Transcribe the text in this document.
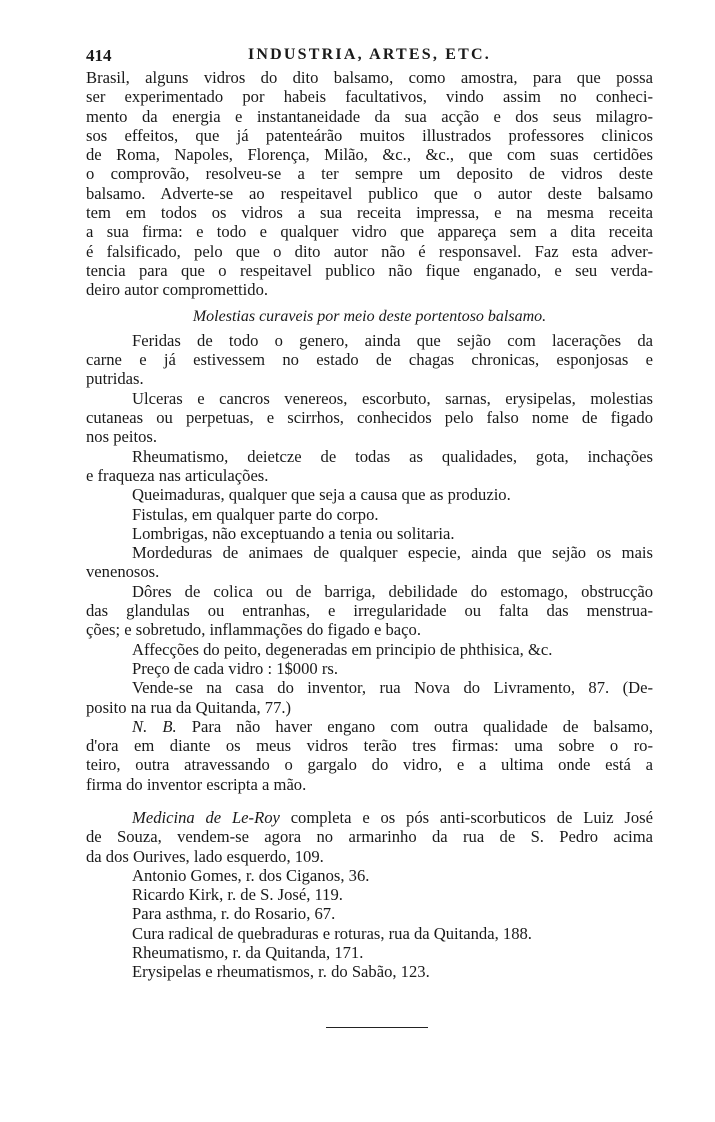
414	INDUSTRIA, ARTES, ETC.
Brasil, alguns vidros do dito balsamo, como amostra, para que possa
ser experimentado por habeis facultativos, vindo assim no conheci-
mento da energia e instantaneidade da sua acção e dos seus milagro-
sos effeitos, que já patenteárão muitos illustrados professores clinicos
de Roma, Napoles, Florença, Milão, &c., &c., que com suas certidões
o comprovão, resolveu-se a ter sempre um deposito de vidros deste
balsamo. Adverte-se ao respeitavel publico que o autor deste balsamo
tem em todos os vidros a sua receita impressa, e na mesma receita
a sua firma: e todo e qualquer vidro que appareça sem a dita receita
é falsificado, pelo que o dito autor não é responsavel. Faz esta adver-
tencia para que o respeitavel publico não fique enganado, e seu verda-
deiro autor compromettido.
Molestias curaveis por meio deste portentoso balsamo.
Feridas de todo o genero, ainda que sejão com lacerações da
carne e já estivessem no estado de chagas chronicas, esponjosas e
putridas.
Ulceras e cancros venereos, escorbuto, sarnas, erysipelas, molestias
cutaneas ou perpetuas, e scirrhos, conhecidos pelo falso nome de figado
nos peitos.
Rheumatismo, deietcze de todas as qualidades, gota, inchações
e fraqueza nas articulações.
Queimaduras, qualquer que seja a causa que as produzio.
Fistulas, em qualquer parte do corpo.
Lombrigas, não exceptuando a tenia ou solitaria.
Mordeduras de animaes de qualquer especie, ainda que sejão os mais
venenosos.
Dôres de colica ou de barriga, debilidade do estomago, obstrucção
das glandulas ou entranhas, e irregularidade ou falta das menstrua-
ções; e sobretudo, inflammações do figado e baço.
Affecções do peito, degeneradas em principio de phthisica, &c.
Preço de cada vidro : 1$000 rs.
Vende-se na casa do inventor, rua Nova do Livramento, 87. (De-
posito na rua da Quitanda, 77.)
N. B. Para não haver engano com outra qualidade de balsamo,
d'ora em diante os meus vidros terão tres firmas: uma sobre o ro-
teiro, outra atravessando o gargalo do vidro, e a ultima onde está a
firma do inventor escripta a mão.
Medicina de Le-Roy completa e os pós anti-scorbuticos de Luiz José
de Souza, vendem-se agora no armarinho da rua de S. Pedro acima
da dos Ourives, lado esquerdo, 109.
Antonio Gomes, r. dos Ciganos, 36.
Ricardo Kirk, r. de S. José, 119.
Para asthma, r. do Rosario, 67.
Cura radical de quebraduras e roturas, rua da Quitanda, 188.
Rheumatismo, r. da Quitanda, 171.
Erysipelas e rheumatismos, r. do Sabão, 123.
